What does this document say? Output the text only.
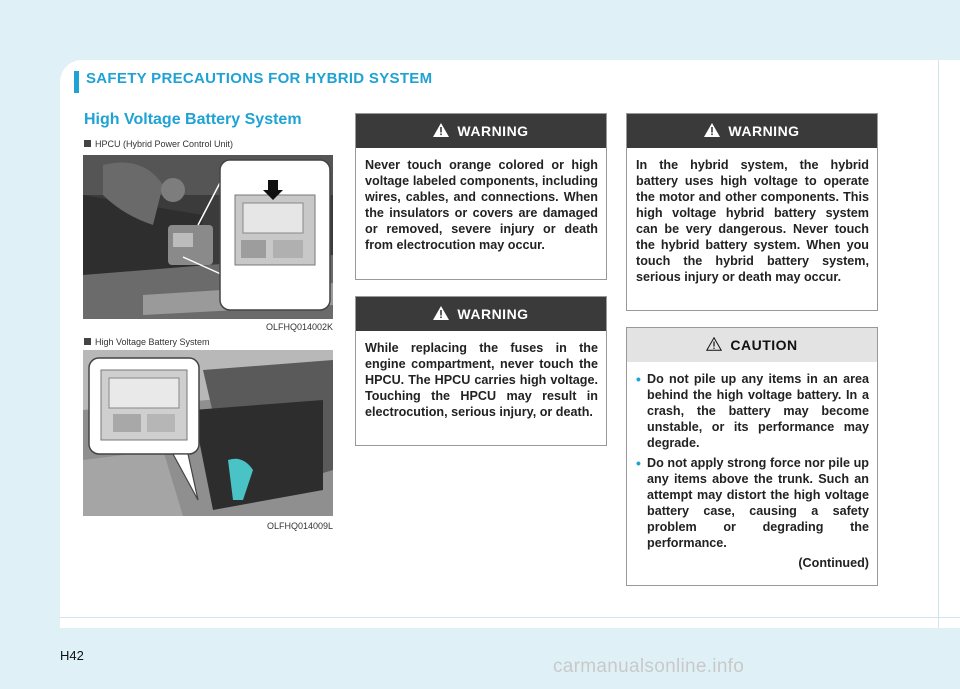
SAFETY PRECAUTIONS FOR HYBRID SYSTEM
High Voltage Battery System
HPCU (Hybrid Power Control Unit)
OLFHQ014002K
High Voltage Battery System
OLFHQ014009L
WARNING
Never touch orange colored or high voltage labeled components, including wires, cables, and connections. When the insulators or covers are damaged or removed, severe injury or death from electrocution may occur.
WARNING
While replacing the fuses in the engine compartment, never touch the HPCU. The HPCU carries high voltage. Touching the HPCU may result in electrocution, serious injury, or death.
WARNING
In the hybrid system, the hybrid battery uses high voltage to operate the motor and other components. This high voltage hybrid battery system can be very dangerous. Never touch the hybrid battery system. When you touch the hybrid battery system, serious injury or death may occur.
CAUTION
• Do not pile up any items in an area behind the high voltage battery. In a crash, the battery may become unstable, or its performance may degrade.
• Do not apply strong force nor pile up any items above the trunk. Such an attempt may distort the high voltage battery case, causing a safety problem or degrading the performance.
(Continued)
H42
carmanualsonline.info
